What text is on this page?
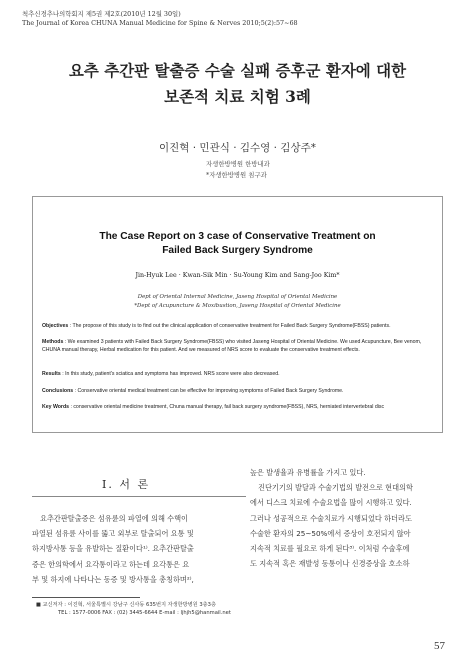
척추신경추나의학회지 제5권 제2호(2010년 12월 30일)
The Journal of Korea CHUNA Manual Medicine for Spine & Nerves 2010;5(2):57~68
요추 추간판 탈출증 수술 실패 증후군 환자에 대한
보존적 치료 치험 3례
이진혁 · 민관식 · 김수영 · 김상주*
자생한방병원 한방내과
*자생한방병원 침구과
The Case Report on 3 case of Conservative Treatment on
Failed Back Surgery Syndrome
Jin-Hyuk Lee · Kwan-Sik Min · Su-Young Kim and Sang-Joo Kim*
Dept of Oriental Internal Medicine, Jaseng Hospital of Oriental Medicine
*Dept of Acupuncture & Moxibustion, Jaseng Hospital of Oriental Medicine
Objectives : The propose of this study is to find out the clinical application of conservative treatment for Failed Back Surgery Syndrome(FBSS) patients.
Methods : We examined 3 patients with Failed Back Surgery Syndrome(FBSS) who visited Jaseng Hospital of Oriental Medicine. We used Acupuncture, Bee venom, CHUNA manual therapy, Herbal medication for this patient. And we measured of NRS score to evaluate the conservative treatment effects.
Results : In this study, patient's sciatica and symptoms has improved. NRS score were also decreased.
Conclusions : Conservative oriental medical treatment can be effective for improving symptoms of Failed Back Surgery Syndrome.
Key Words : conservative oriental medicine treatment, Chuna manual therapy, fail back surgery syndrome(FBSS), NRS, herniated intervertebral disc
Ⅰ. 서 론

요추간판탈출증은 섬유륜의 파열에 의해 수핵이

파열된 섬유륜 사이를 뚫고 외부로 탈출되어 요통 및

하지방사통 등을 유발하는 질환이다¹⁾. 요추간판탈출

증은 한의학에서 요각통이라고 하는데 요각통은 요

부 및 하지에 나타나는 동증 및 방사통을 총칭하며²⁾,

높은 발생율과 유병률을 가지고 있다.

진단기기의 발달과 수술기법의 발전으로 현대의학

에서 디스크 치료에 수술요법을 많이 시행하고 있다.

그러나 성공적으로 수술치료가 시행되었다 하더라도

수술한 환자의 25~50%에서 증상이 호전되지 않아

지속적 치료를 필요로 하게 된다³⁾. 이처럼 수술후에

도 지속적 혹은 재발성 동통이나 신경증상을 호소하

■ 교신저자 : 이진혁, 서울특별시 강남구 신사동 635번지 자생한방병원 3층3층
TEL : 1577-0006 FAX : (02) 3445-6644 E-mail : ljhjh5@hanmail.net
57
